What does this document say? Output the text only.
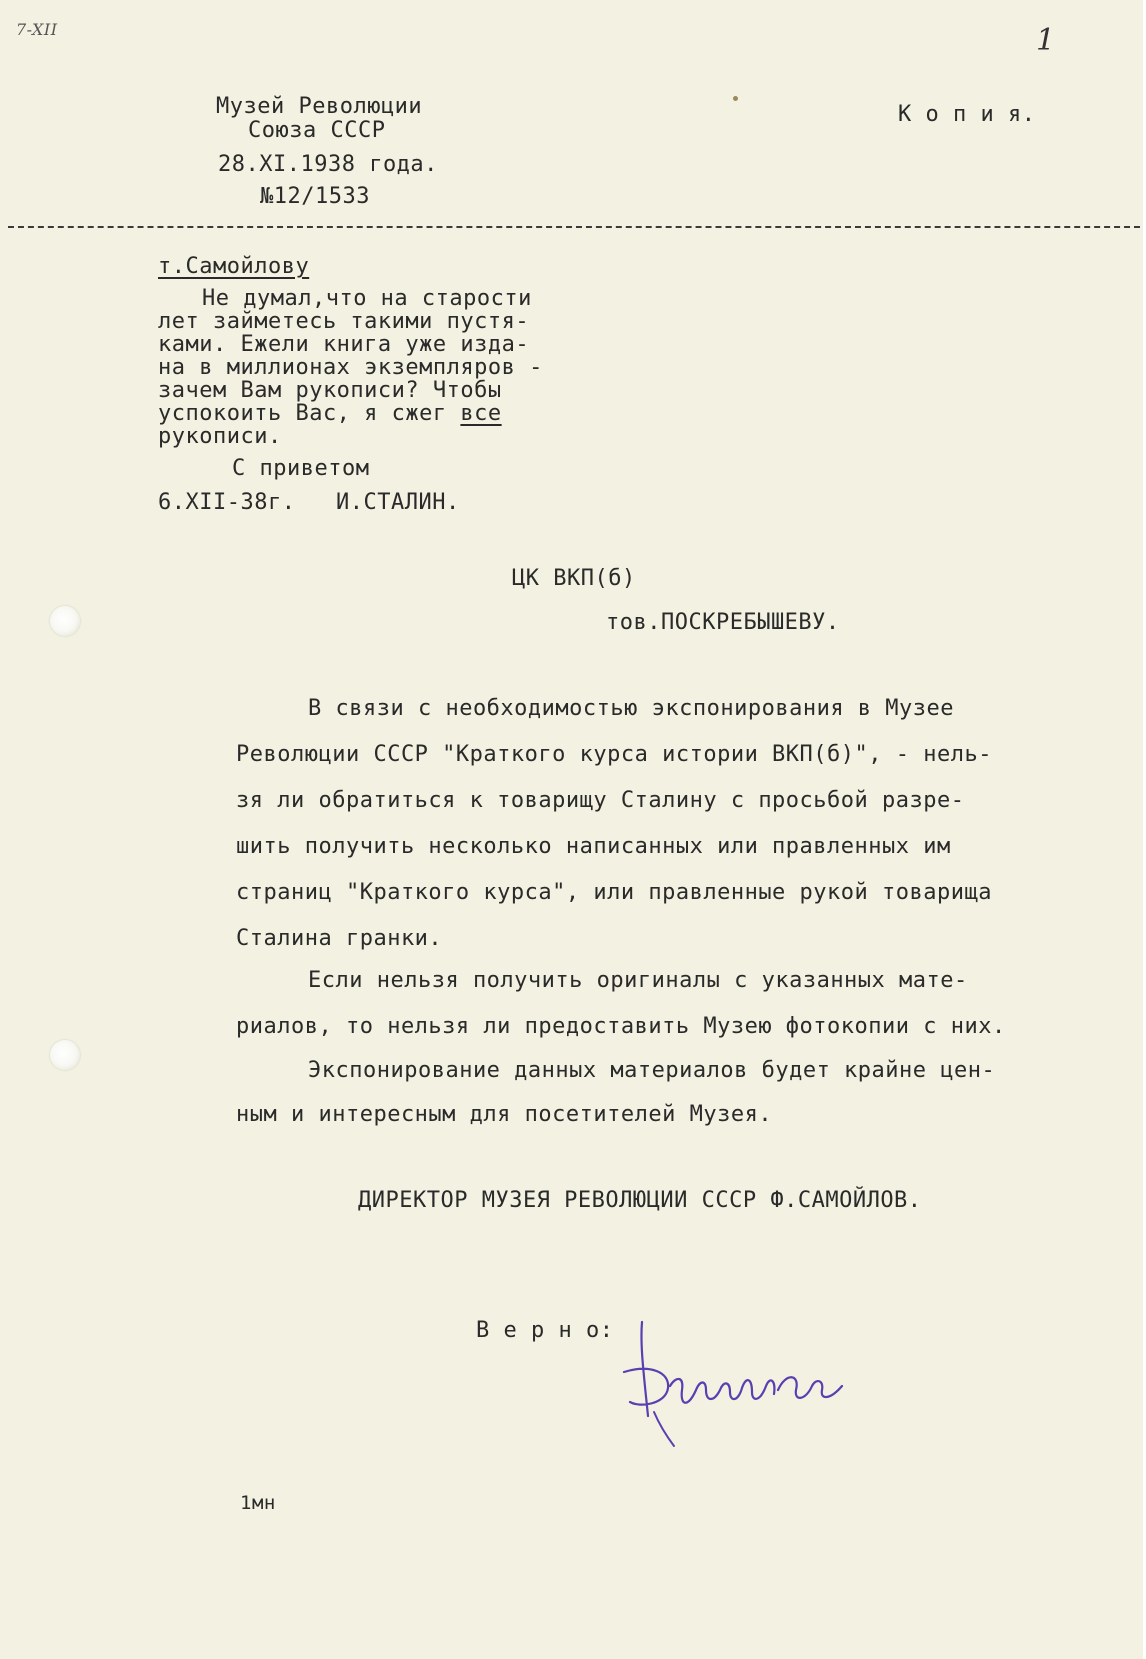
7-XII	1
Музей Революции
Союза СССР
28.XI.1938 года.
№12/1533
К о п и я.
т.Самойлову
Не думал,что на старости
лет займетесь такими пустя-
ками. Ежели книга уже изда-
на в миллионах экземпляров -
зачем Вам рукописи? Чтобы
успокоить Вас, я сжег все
рукописи.
С приветом
6.XII-38г. И.СТАЛИН.
ЦК ВКП(б)
тов.ПОСКРЕБЫШЕВУ.
В связи с необходимостью экспонирования в Музее
Революции СССР "Краткого курса истории ВКП(б)", - нель-
зя ли обратиться к товарищу Сталину с просьбой разре-
шить получить несколько написанных или правленных им
страниц "Краткого курса", или правленные рукой товарища
Сталина гранки.
Если нельзя получить оригиналы с указанных мате-
риалов, то нельзя ли предоставить Музею фотокопии с них.
Экспонирование данных материалов будет крайне цен-
ным и интересным для посетителей Музея.
ДИРЕКТОР МУЗЕЯ РЕВОЛЮЦИИ СССР Ф.САМОЙЛОВ.
В е р н о:
1мн
